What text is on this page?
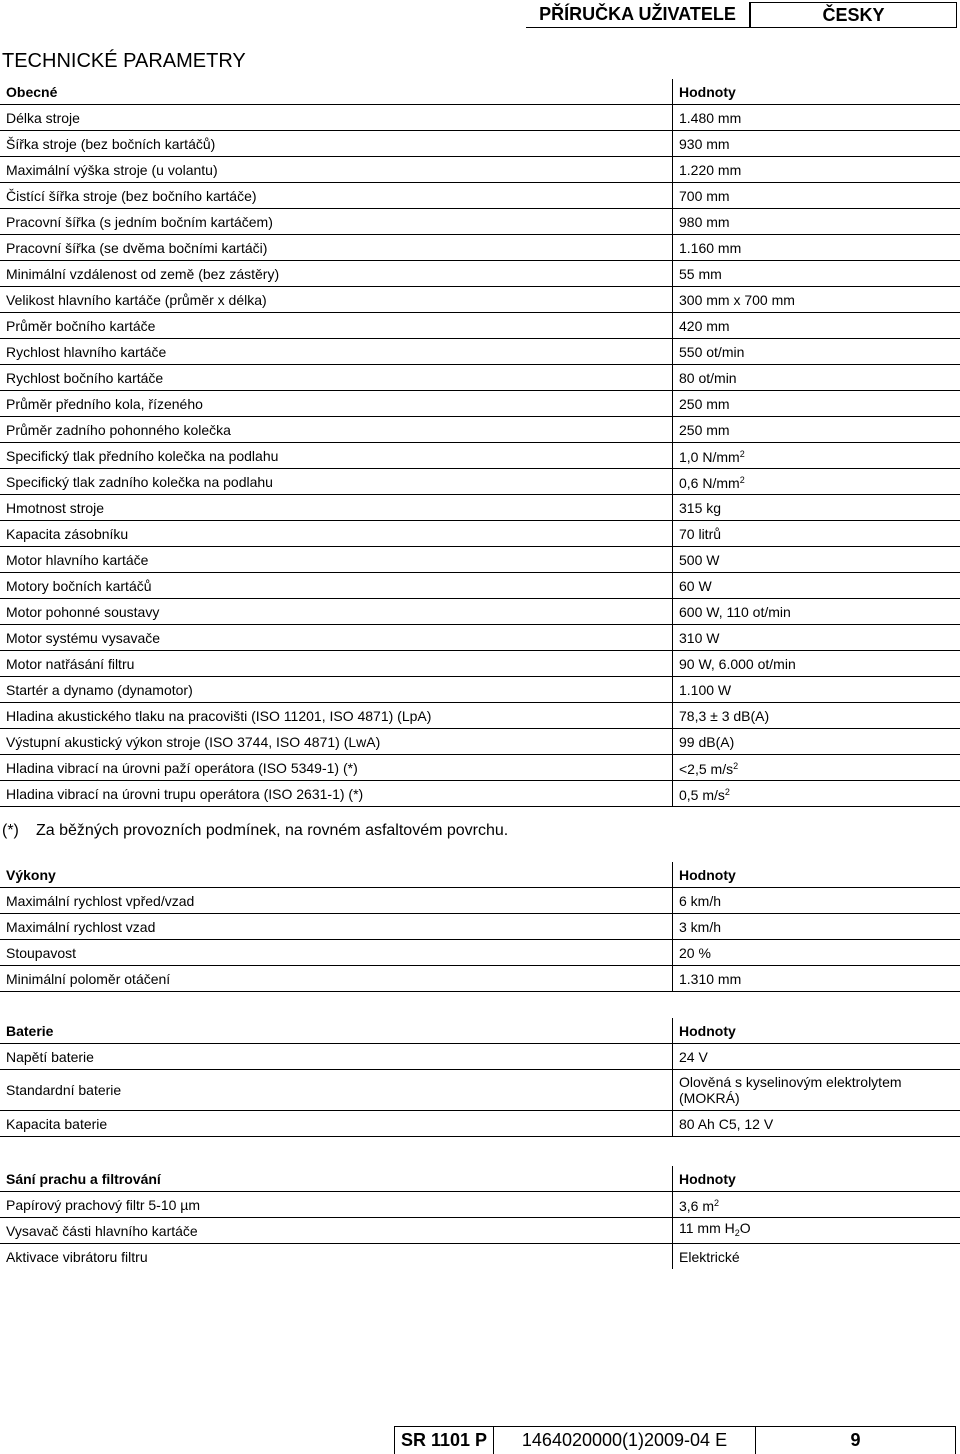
PŘÍRUČKA UŽIVATELE	ČESKY
TECHNICKÉ PARAMETRY
Obecné	Hodnoty
Délka stroje	1.480 mm
Šířka stroje (bez bočních kartáčů)	930 mm
Maximální výška stroje (u volantu)	1.220 mm
Čistící šířka stroje (bez bočního kartáče)	700 mm
Pracovní šířka (s jedním bočním kartáčem)	980 mm
Pracovní šířka (se dvěma bočními kartáči)	1.160 mm
Minimální vzdálenost od země (bez zástěry)	55 mm
Velikost hlavního kartáče (průměr x délka)	300 mm x 700 mm
Průměr bočního kartáče	420 mm
Rychlost hlavního kartáče	550 ot/min
Rychlost bočního kartáče	80 ot/min
Průměr předního kola, řízeného	250 mm
Průměr zadního pohonného kolečka	250 mm
Specifický tlak předního kolečka na podlahu	1,0 $N/mm^2$
Specifický tlak zadního kolečka na podlahu	0,6 $N/mm^2$
Hmotnost stroje	315 kg
Kapacita zásobníku	70 litrů
Motor hlavního kartáče	500 W
Motory bočních kartáčů	60 W
Motor pohonné soustavy	600 W, 110 ot/min
Motor systému vysavače	310 W
Motor natřásání filtru	90 W, 6.000 ot/min
Startér a dynamo (dynamotor)	1.100 W
Hladina akustického tlaku na pracovišti (ISO 11201, ISO 4871) (LpA)	78,3 ± 3 dB(A)
Výstupní akustický výkon stroje (ISO 3744, ISO 4871) (LwA)	99 dB(A)
Hladina vibrací na úrovni paží operátora (ISO 5349-1) (*)	<2,5 $m/s^2$
Hladina vibrací na úrovni trupu operátora (ISO 2631-1) (*)	0,5 $m/s^2$
(*) Za běžných provozních podmínek, na rovném asfaltovém povrchu.
Výkony	Hodnoty
Maximální rychlost vpřed/vzad	6 km/h
Maximální rychlost vzad	3 km/h
Stoupavost	20 %
Minimální poloměr otáčení	1.310 mm
Baterie	Hodnoty
Napětí baterie	24 V
Standardní baterie	Olověná s kyselinovým elektrolytem (MOKRÁ)
Kapacita baterie	80 Ah C5, 12 V
Sání prachu a filtrování	Hodnoty
Papírový prachový filtr 5-10 µm	3,6 $m^2$
Vysavač části hlavního kartáče	11 mm $H_2O$
Aktivace vibrátoru filtru	Elektrické
SR 1101 P	1464020000(1)2009-04 E	9
